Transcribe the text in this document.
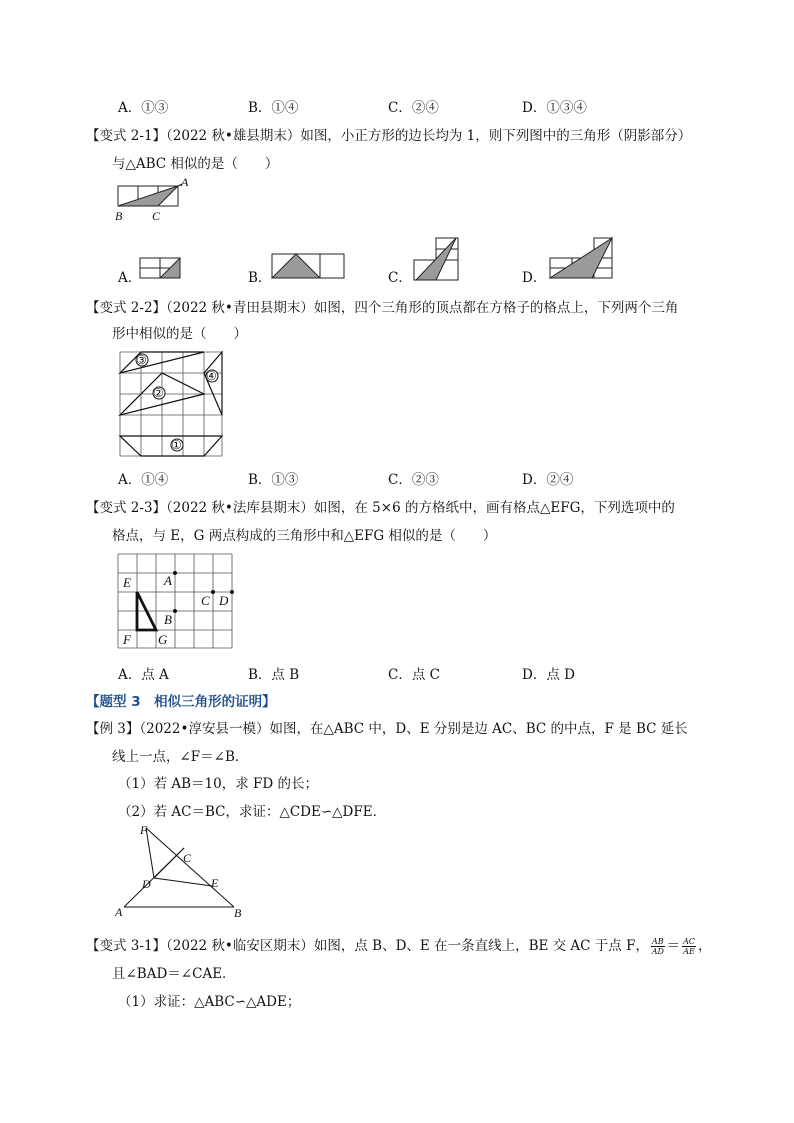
A．①③	B．①④	C．②④	D．①③④
【变式 2-1】（2022 秋•雄县期末）如图，小正方形的边长均为 1，则下列图中的三角形（阴影部分）
与△ABC 相似的是（　　）
A
B C
A．	B．	C．	D．
【变式 2-2】（2022 秋•青田县期末）如图，四个三角形的顶点都在方格子的格点上，下列两个三角
形中相似的是（　　）
③
②
④
①
A．①④	B．①③	C．②③	D．②④
【变式 2-3】（2022 秋•法库县期末）如图，在 5×6 的方格纸中，画有格点△EFG，下列选项中的
格点，与 E，G 两点构成的三角形中和△EFG 相似的是（　　）
E	A
C D
B
F G
A．点 A	B．点 B	C．点 C	D．点 D
【题型 3　相似三角形的证明】
【例 3】（2022•淳安县一模）如图，在△ABC 中，D、E 分别是边 AC、BC 的中点，F 是 BC 延长
线上一点，∠F＝∠B．
（1）若 AB＝10，求 FD 的长；
（2）若 AC＝BC，求证：△CDE∽△DFE．
F
C
D	E
A	B
【变式 3-1】（2022 秋•临安区期末）如图，点 B、D、E 在一条直线上，BE 交 AC 于点 F， $\frac{AB}{AD} = \frac{AC}{AE}$ ，
且∠BAD＝∠CAE．
（1）求证：△ABC∽△ADE；
